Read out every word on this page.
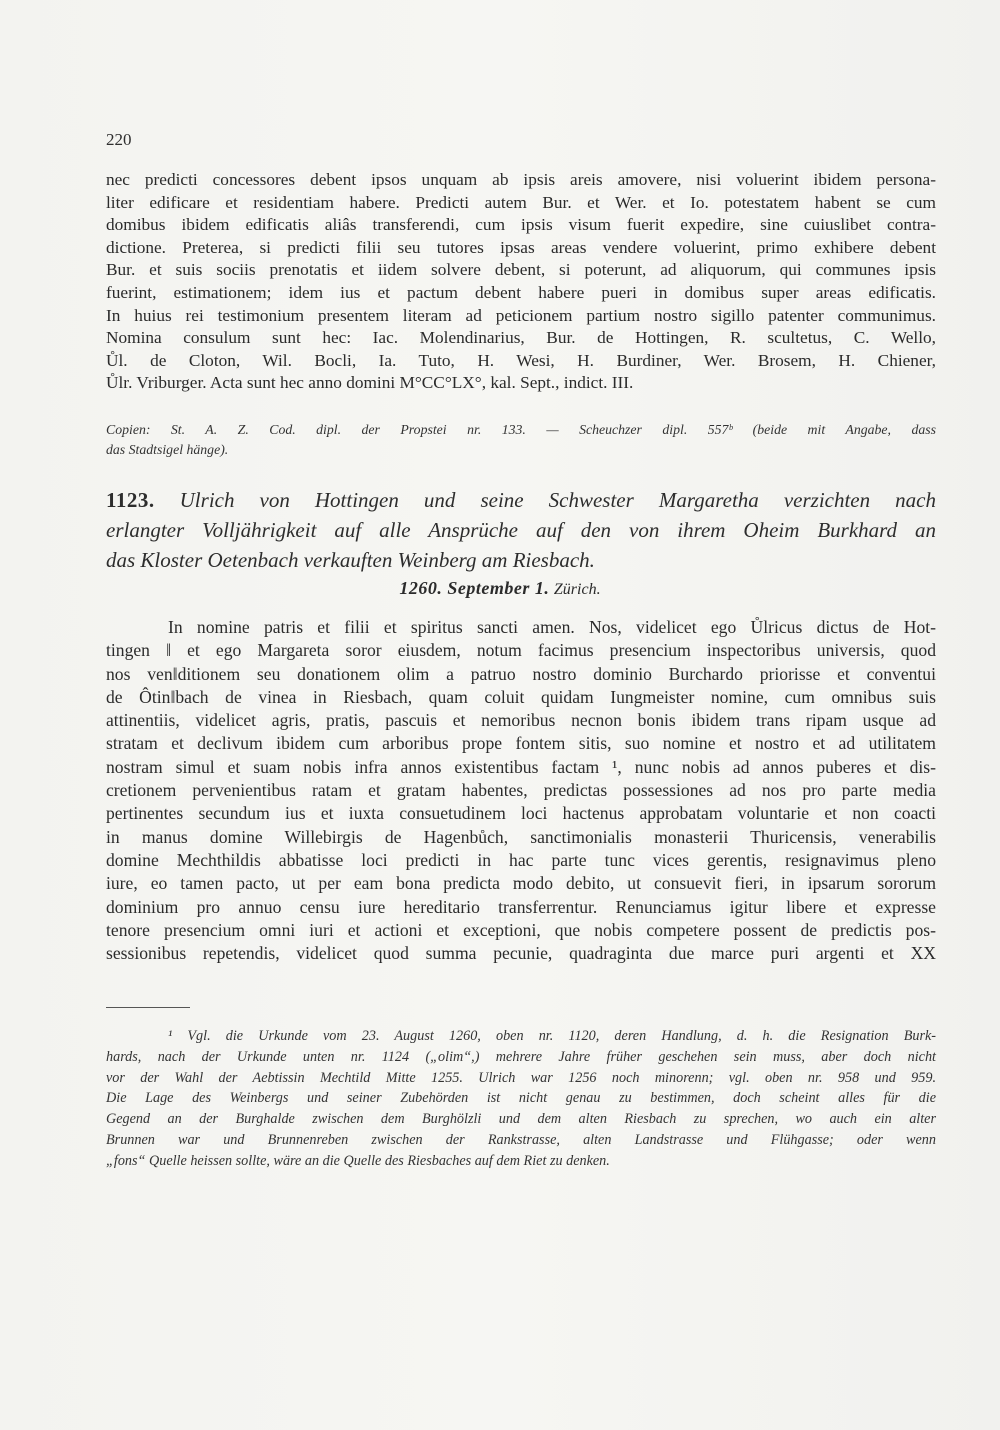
220
nec predicti concessores debent ipsos unquam ab ipsis areis amovere, nisi voluerint ibidem persona-
liter edificare et residentiam habere. Predicti autem Bur. et Wer. et Io. potestatem habent se cum
domibus ibidem edificatis aliâs transferendi, cum ipsis visum fuerit expedire, sine cuiuslibet contra-
dictione. Preterea, si predicti filii seu tutores ipsas areas vendere voluerint, primo exhibere debent
Bur. et suis sociis prenotatis et iidem solvere debent, si poterunt, ad aliquorum, qui communes ipsis
fuerint, estimationem; idem ius et pactum debent habere pueri in domibus super areas edificatis.
In huius rei testimonium presentem literam ad peticionem partium nostro sigillo patenter communimus.
Nomina consulum sunt hec: Iac. Molendinarius, Bur. de Hottingen, R. scultetus, C. Wello,
Ůl. de Cloton, Wil. Bocli, Ia. Tuto, H. Wesi, H. Burdiner, Wer. Brosem, H. Chiener,
Ůlr. Vriburger. Acta sunt hec anno domini M°CC°LX°, kal. Sept., indict. III.
Copien: St. A. Z. Cod. dipl. der Propstei nr. 133. — Scheuchzer dipl. 557ᵇ (beide mit Angabe, dass
das Stadtsigel hänge).
1123. Ulrich von Hottingen und seine Schwester Margaretha verzichten nach
erlangter Volljährigkeit auf alle Ansprüche auf den von ihrem Oheim Burkhard an
das Kloster Oetenbach verkauften Weinberg am Riesbach.
1260. September 1. Zürich.
In nomine patris et filii et spiritus sancti amen. Nos, videlicet ego Ůlricus dictus de Hot-
tingen ‖ et ego Margareta soror eiusdem, notum facimus presencium inspectoribus universis, quod
nos ven‖ditionem seu donationem olim a patruo nostro dominio Burchardo priorisse et conventui
de Ôtin‖bach de vinea in Riesbach, quam coluit quidam Iungmeister nomine, cum omnibus suis
attinentiis, videlicet agris, pratis, pascuis et nemoribus necnon bonis ibidem trans ripam usque ad
stratam et declivum ibidem cum arboribus prope fontem sitis, suo nomine et nostro et ad utilitatem
nostram simul et suam nobis infra annos existentibus factam ¹, nunc nobis ad annos puberes et dis-
cretionem pervenientibus ratam et gratam habentes, predictas possessiones ad nos pro parte media
pertinentes secundum ius et iuxta consuetudinem loci hactenus approbatam voluntarie et non coacti
in manus domine Willebirgis de Hagenbůch, sanctimonialis monasterii Thuricensis, venerabilis
domine Mechthildis abbatisse loci predicti in hac parte tunc vices gerentis, resignavimus pleno
iure, eo tamen pacto, ut per eam bona predicta modo debito, ut consuevit fieri, in ipsarum sororum
dominium pro annuo censu iure hereditario transferrentur. Renunciamus igitur libere et expresse
tenore presencium omni iuri et actioni et exceptioni, que nobis competere possent de predictis pos-
sessionibus repetendis, videlicet quod summa pecunie, quadraginta due marce puri argenti et XX
¹ Vgl. die Urkunde vom 23. August 1260, oben nr. 1120, deren Handlung, d. h. die Resignation Burk-
hards, nach der Urkunde unten nr. 1124 („olim“,) mehrere Jahre früher geschehen sein muss, aber doch nicht
vor der Wahl der Aebtissin Mechtild Mitte 1255. Ulrich war 1256 noch minorenn; vgl. oben nr. 958 und 959.
Die Lage des Weinbergs und seiner Zubehörden ist nicht genau zu bestimmen, doch scheint alles für die
Gegend an der Burghalde zwischen dem Burghölzli und dem alten Riesbach zu sprechen, wo auch ein alter
Brunnen war und Brunnenreben zwischen der Rankstrasse, alten Landstrasse und Flühgasse; oder wenn
„fons“ Quelle heissen sollte, wäre an die Quelle des Riesbaches auf dem Riet zu denken.
